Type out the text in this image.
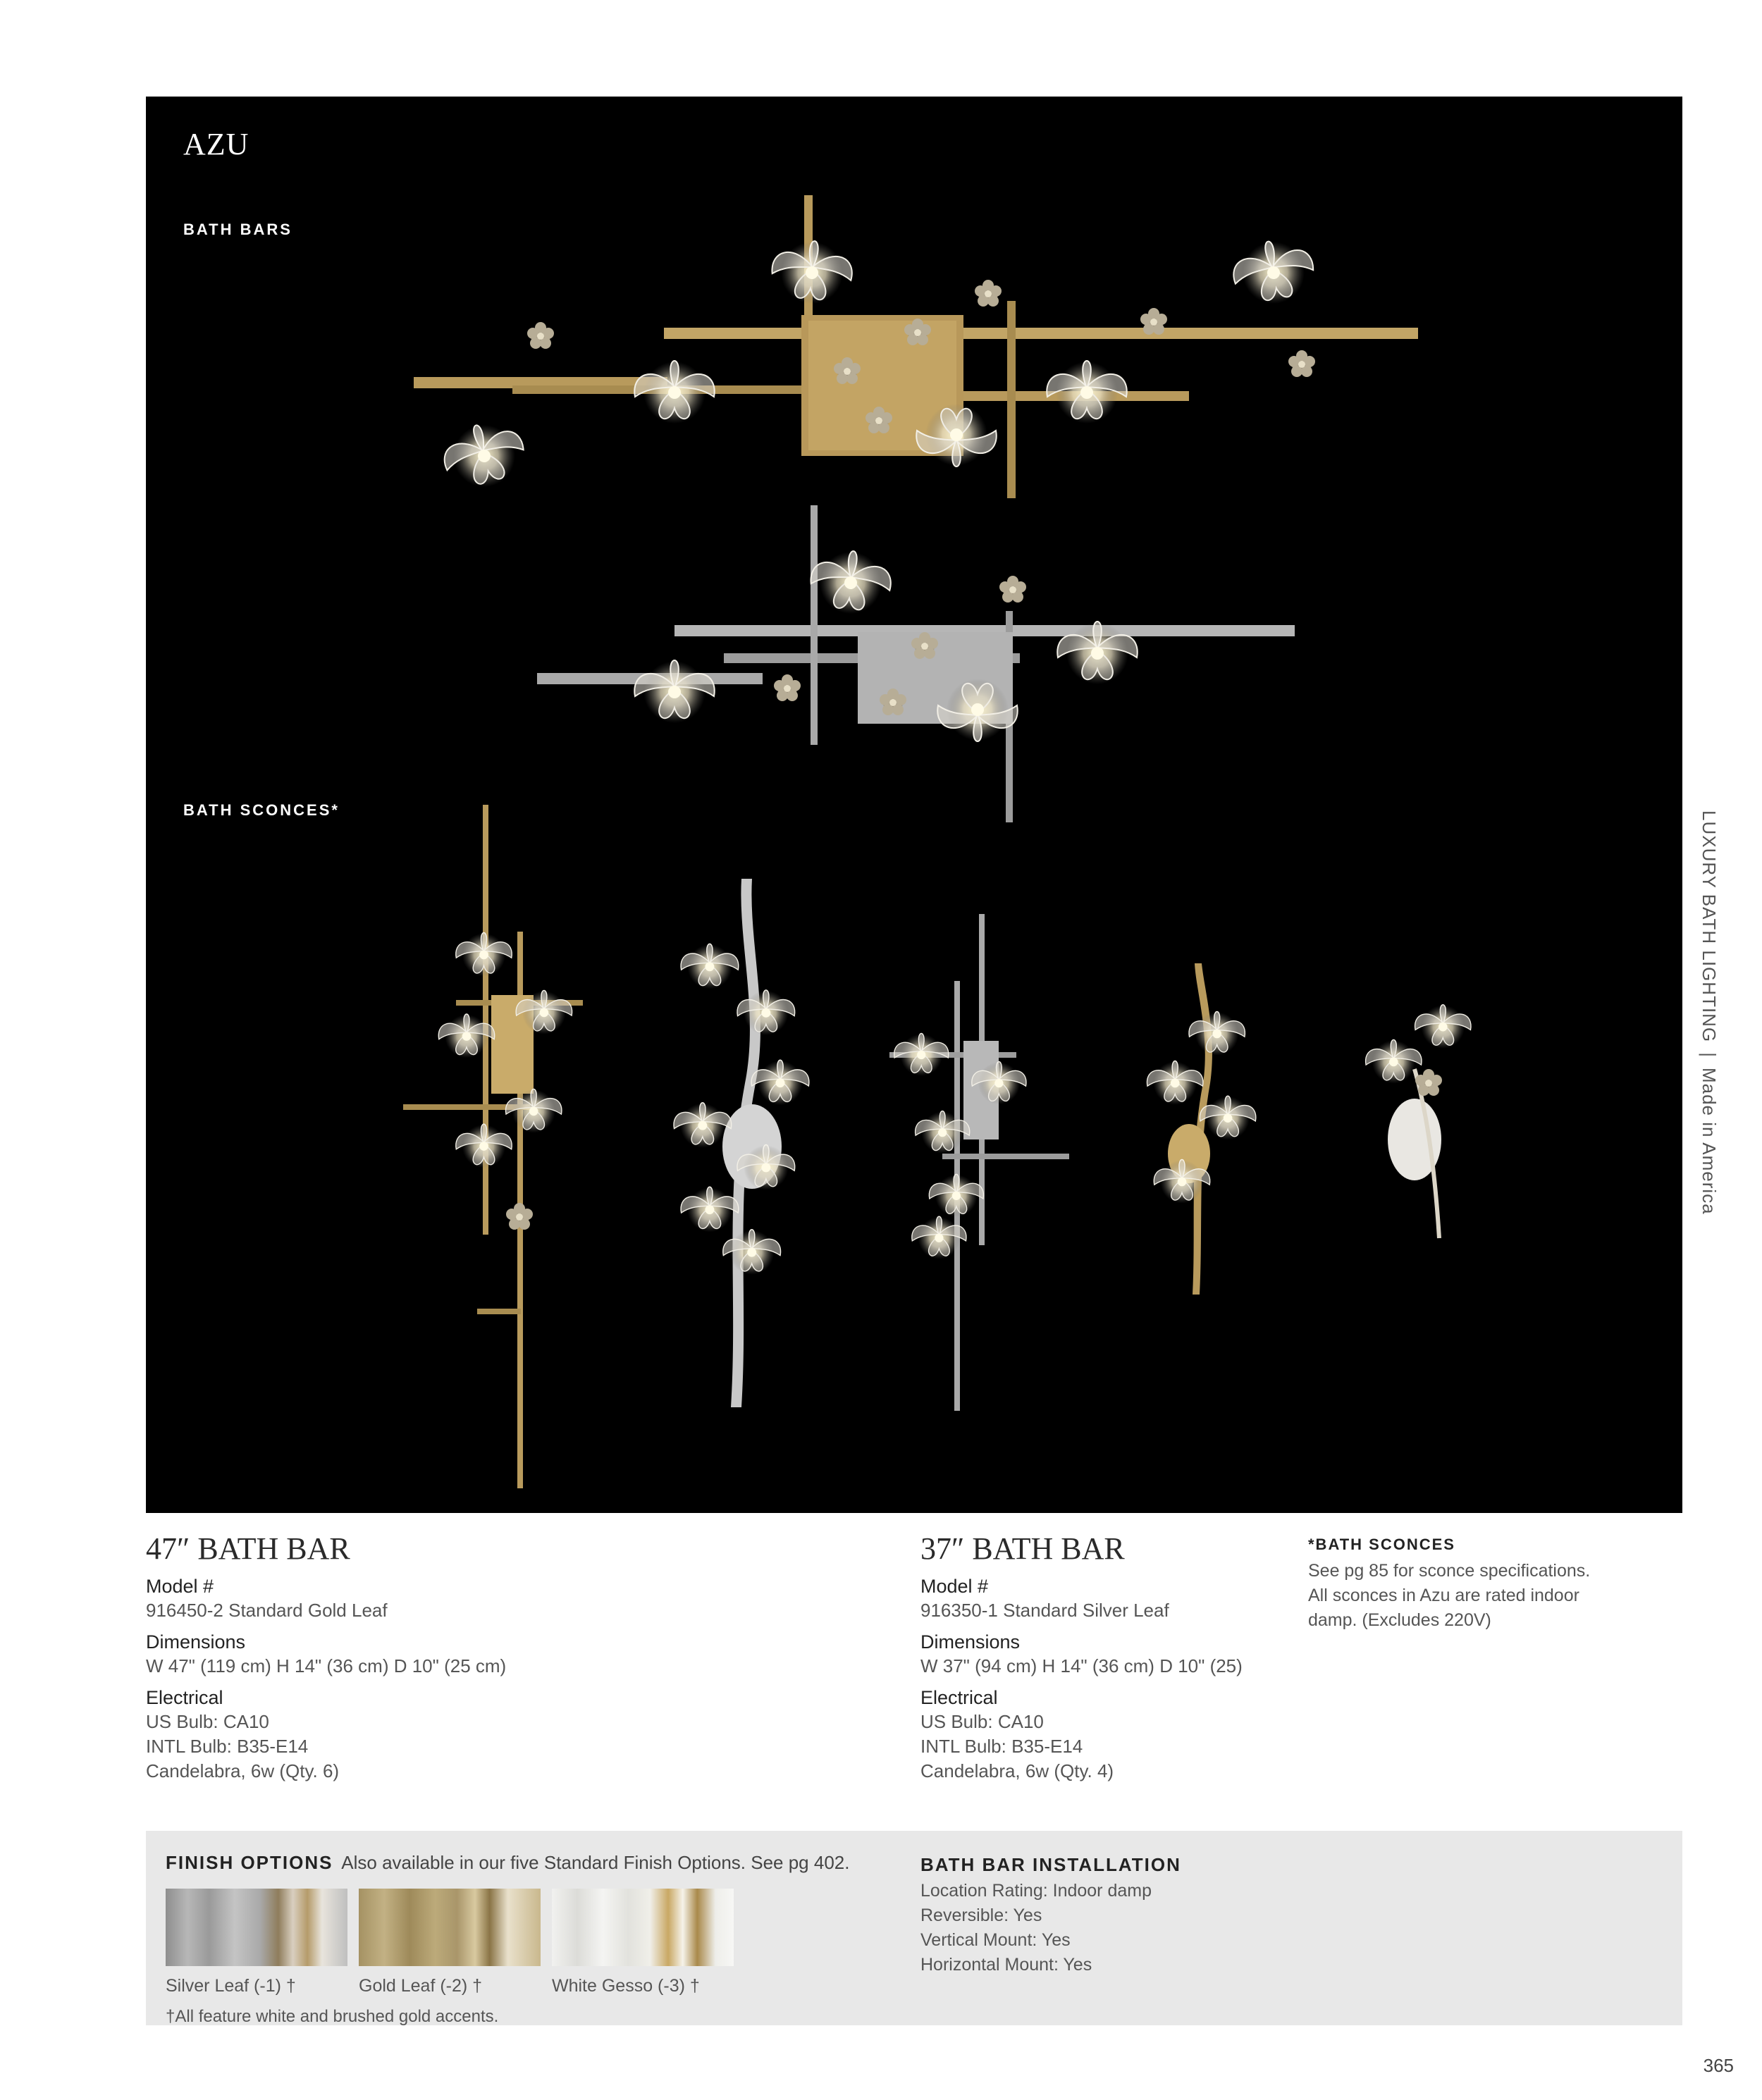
AZU
BATH BARS
BATH SCONCES*
LUXURY BATH LIGHTING|Made in America
47″ BATH BAR
Model #
916450-2 Standard Gold Leaf
Dimensions
W 47" (119 cm) H 14" (36 cm) D 10" (25 cm)
Electrical
US Bulb: CA10
INTL Bulb: B35-E14
Candelabra, 6w (Qty. 6)
37″ BATH BAR
Model #
916350-1 Standard Silver Leaf
Dimensions
W 37" (94 cm) H 14" (36 cm) D 10" (25)
Electrical
US Bulb: CA10
INTL Bulb: B35-E14
Candelabra, 6w (Qty. 4)
*BATH SCONCES
See pg 85 for sconce specifications.
All sconces in Azu are rated indoor
damp. (Excludes 220V)
FINISH OPTIONS Also available in our five Standard Finish Options. See pg 402.
Silver Leaf (-1) †	Gold Leaf (-2) †	White Gesso (-3) †
†All feature white and brushed gold accents.
BATH BAR INSTALLATION
Location Rating: Indoor damp
Reversible: Yes
Vertical Mount: Yes
Horizontal Mount: Yes
365
